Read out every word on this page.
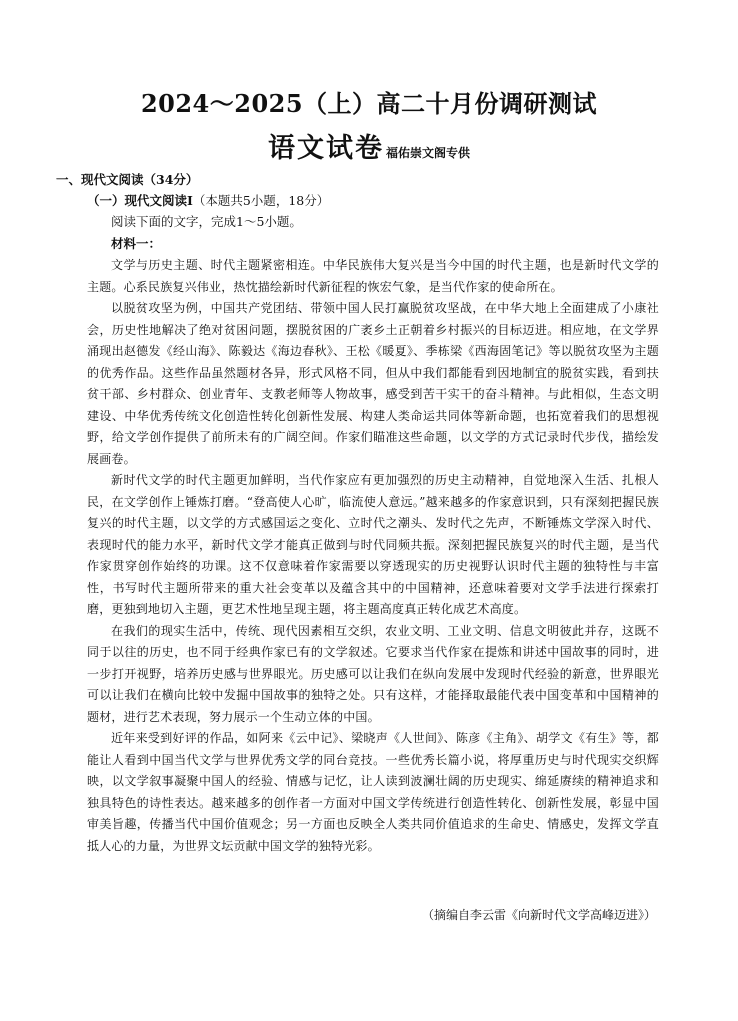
2024～2025（上）高二十月份调研测试
语文试卷 福佑崇文阁专供
一、现代文阅读（34分）
（一）现代文阅读Ⅰ（本题共5小题，18分）
阅读下面的文字，完成1～5小题。
材料一：

文学与历史主题、时代主题紧密相连。中华民族伟大复兴是当今中国的时代主题，也是新时代文学的主题。心系民族复兴伟业，热忱描绘新时代新征程的恢宏气象，是当代作家的使命所在。

以脱贫攻坚为例，中国共产党团结、带领中国人民打赢脱贫攻坚战，在中华大地上全面建成了小康社会，历史性地解决了绝对贫困问题，摆脱贫困的广袤乡土正朝着乡村振兴的目标迈进。相应地，在文学界涌现出赵德发《经山海》、陈毅达《海边春秋》、王松《暖夏》、季栋梁《西海固笔记》等以脱贫攻坚为主题的优秀作品。这些作品虽然题材各异，形式风格不同，但从中我们都能看到因地制宜的脱贫实践，看到扶贫干部、乡村群众、创业青年、支教老师等人物故事，感受到苦干实干的奋斗精神。与此相似，生态文明建设、中华优秀传统文化创造性转化创新性发展、构建人类命运共同体等新命题，也拓宽着我们的思想视野，给文学创作提供了前所未有的广阔空间。作家们瞄准这些命题，以文学的方式记录时代步伐，描绘发展画卷。

新时代文学的时代主题更加鲜明，当代作家应有更加强烈的历史主动精神，自觉地深入生活、扎根人民，在文学创作上锤炼打磨。“登高使人心旷，临流使人意远。”越来越多的作家意识到，只有深刻把握民族复兴的时代主题，以文学的方式感国运之变化、立时代之潮头、发时代之先声，不断锤炼文学深入时代、表现时代的能力水平，新时代文学才能真正做到与时代同频共振。深刻把握民族复兴的时代主题，是当代作家贯穿创作始终的功课。这不仅意味着作家需要以穿透现实的历史视野认识时代主题的独特性与丰富性，书写时代主题所带来的重大社会变革以及蕴含其中的中国精神，还意味着要对文学手法进行探索打磨，更独到地切入主题，更艺术性地呈现主题，将主题高度真正转化成艺术高度。

在我们的现实生活中，传统、现代因素相互交织，农业文明、工业文明、信息文明彼此并存，这既不同于以往的历史，也不同于经典作家已有的文学叙述。它要求当代作家在提炼和讲述中国故事的同时，进一步打开视野，培养历史感与世界眼光。历史感可以让我们在纵向发展中发现时代经验的新意，世界眼光可以让我们在横向比较中发掘中国故事的独特之处。只有这样，才能择取最能代表中国变革和中国精神的题材，进行艺术表现，努力展示一个生动立体的中国。

近年来受到好评的作品，如阿来《云中记》、梁晓声《人世间》、陈彦《主角》、胡学文《有生》等，都能让人看到中国当代文学与世界优秀文学的同台竞技。一些优秀长篇小说，将厚重历史与时代现实交织辉映，以文学叙事凝聚中国人的经验、情感与记忆，让人读到波澜壮阔的历史现实、绵延赓续的精神追求和独具特色的诗性表达。越来越多的创作者一方面对中国文学传统进行创造性转化、创新性发展，彰显中国审美旨趣，传播当代中国价值观念；另一方面也反映全人类共同价值追求的生命史、情感史，发挥文学直抵人心的力量，为世界文坛贡献中国文学的独特光彩。

（摘编自李云雷《向新时代文学高峰迈进》）
